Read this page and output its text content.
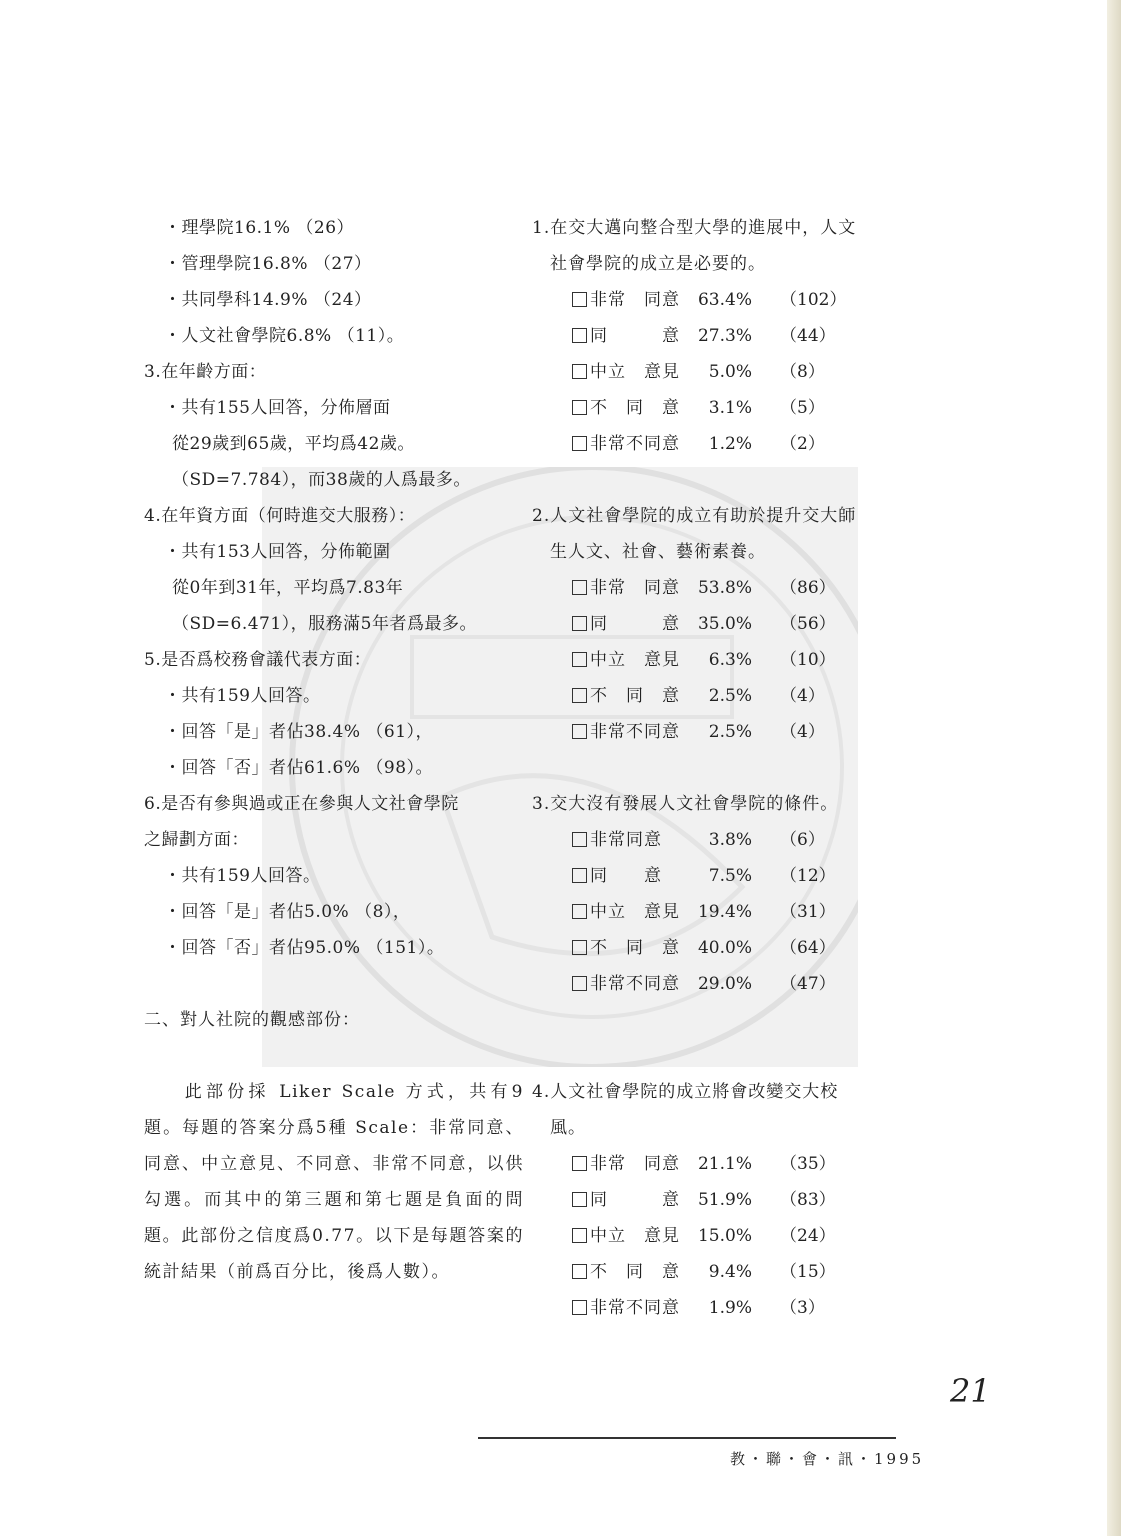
・理學院16.1% （26）
・管理學院16.8% （27）
・共同學科14.9% （24）
・人文社會學院6.8% （11）。
3.在年齡方面：
・共有155人回答，分佈層面
從29歲到65歲，平均爲42歲。
（SD=7.784），而38歲的人爲最多。
4.在年資方面（何時進交大服務）：
・共有153人回答，分佈範圍
從0年到31年，平均爲7.83年
（SD=6.471），服務滿5年者爲最多。
5.是否爲校務會議代表方面：
・共有159人回答。
・回答「是」者佔38.4% （61），
・回答「否」者佔61.6% （98）。
6.是否有參與過或正在參與人文社會學院
之歸劃方面：
・共有159人回答。
・回答「是」者佔5.0% （8），
・回答「否」者佔95.0% （151）。
二、對人社院的觀感部份：

此部份採 Liker Scale 方式，共有9題。每題的答案分爲5種 Scale：非常同意、同意、中立意見、不同意、非常不同意，以供勾選。而其中的第三題和第七題是負面的問題。此部份之信度爲0.77。以下是每題答案的統計結果（前爲百分比，後爲人數）。

1.在交大邁向整合型大學的進展中，人文
社會學院的成立是必要的。
非常　同意	63.4% （102）
同　　　意	27.3% （44）
中立　意見	5.0% （8）
不　同　意	3.1% （5）
非常不同意	1.2% （2）
2.人文社會學院的成立有助於提升交大師
生人文、社會、藝術素養。
非常　同意	53.8% （86）
同　　　意	35.0% （56）
中立　意見	6.3% （10）
不　同　意	2.5% （4）
非常不同意	2.5% （4）
3.交大沒有發展人文社會學院的條件。
非常同意	3.8% （6）
同　　意	7.5% （12）
中立　意見	19.4% （31）
不　同　意	40.0% （64）
非常不同意	29.0% （47）
4.人文社會學院的成立將會改變交大校
風。
非常　同意	21.1% （35）
同　　　意	51.9% （83）
中立　意見	15.0% （24）
不　同　意	9.4% （15）
非常不同意	1.9% （3）
21
教・聯・會・訊・1995
